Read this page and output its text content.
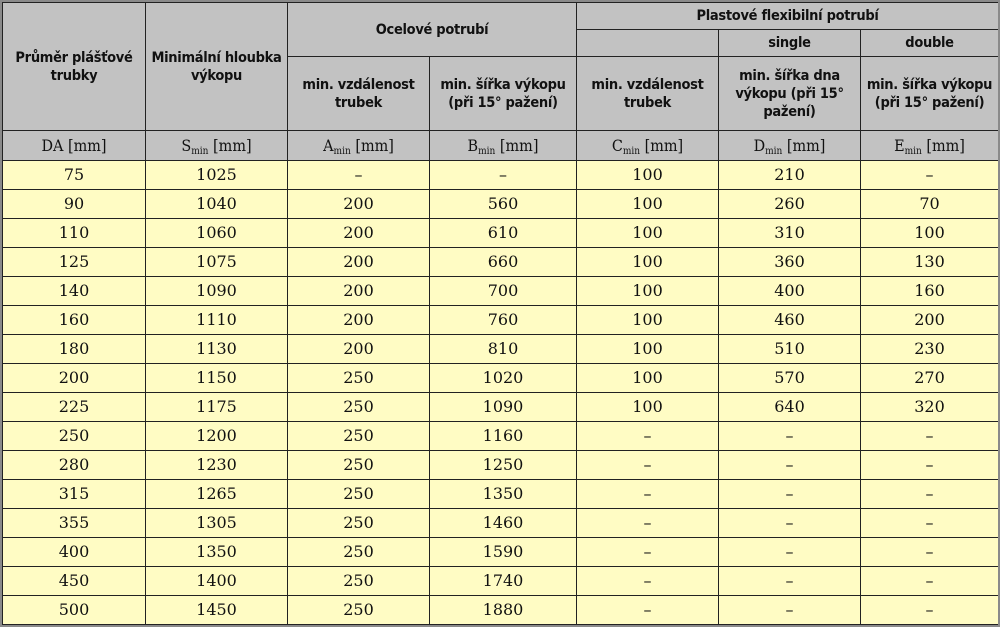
Průměr plášťové trubky	Minimální hloubka výkopu	Ocelové potrubí		Plastové flexibilní potrubí		
					single	double
		min. vzdálenost trubek	min. šířka výkopu (při 15° pažení)	min. vzdálenost trubek	min. šířka dna výkopu (při 15° pažení)	min. šířka výkopu (při 15° pažení)
DA [mm]	$S_{min}$ [mm]	$A_{min}$ [mm]	$B_{min}$ [mm]	$C_{min}$ [mm]	$D_{min}$ [mm]	$E_{min}$ [mm]
75	1025	–	–	100	210	–
90	1040	200	560	100	260	70
110	1060	200	610	100	310	100
125	1075	200	660	100	360	130
140	1090	200	700	100	400	160
160	1110	200	760	100	460	200
180	1130	200	810	100	510	230
200	1150	250	1020	100	570	270
225	1175	250	1090	100	640	320
250	1200	250	1160	–	–	–
280	1230	250	1250	–	–	–
315	1265	250	1350	–	–	–
355	1305	250	1460	–	–	–
400	1350	250	1590	–	–	–
450	1400	250	1740	–	–	–
500	1450	250	1880	–	–	–
